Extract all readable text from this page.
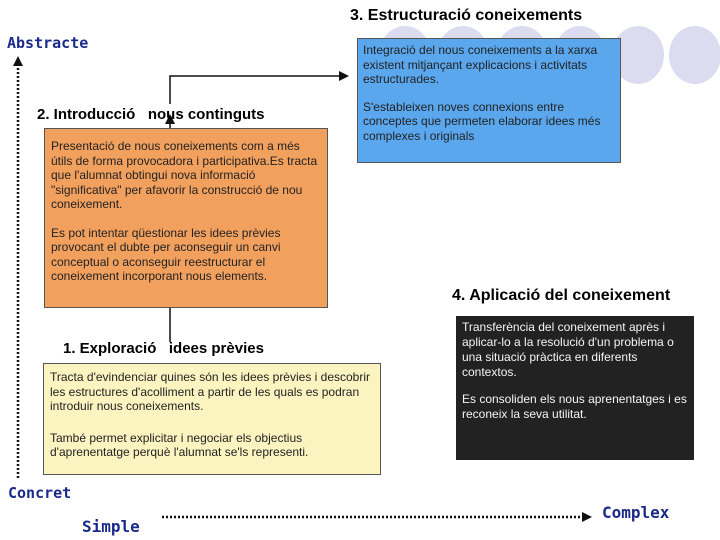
3. Estructuració coneixements
Abstracte
Concret
Simple
Complex
2. Introducció   nous continguts

Presentació de nous coneixements com a més útils de forma provocadora i participativa.Es tracta que l'alumnat obtingui nova informació "significativa" per afavorir la construcció de nou coneixement.

Es pot intentar qüestionar les idees prèvies provocant el dubte per aconseguir un canvi conceptual o aconseguir reestructurar el coneixement incorporant nous elements.

Integració del nous coneixements a la xarxa existent mitjançant explicacions i activitats estructurades.

S'estableixen noves connexions entre conceptes que permeten elaborar idees més complexes i originals

1. Exploració   idees prèvies

Tracta d'evindenciar quines són les idees prèvies i descobrir les estructures d'acolliment a partir de les quals es podran introduir nous coneixements.

També permet explicitar i negociar els objectius d'aprenentatge perquè l'alumnat se'ls representi.

4. Aplicació del coneixement

Transferència del coneixement après i aplicar-lo a la resolució d'un problema o una situació pràctica en diferents contextos.

Es consoliden els nous aprenentatges i es reconeix la seva utilitat.
